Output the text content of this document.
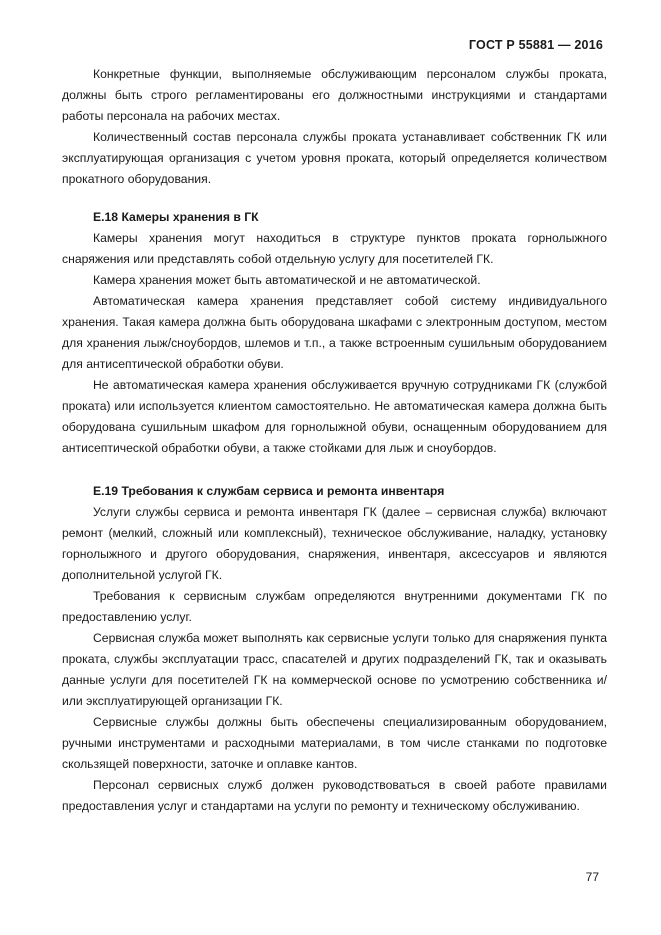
ГОСТ Р 55881 — 2016

Конкретные функции, выполняемые обслуживающим персоналом службы проката, должны быть строго регламентированы его должностными инструкциями и стандартами работы персонала на рабочих местах.

Количественный состав персонала службы проката устанавливает собственник ГК или эксплуатирующая организация с учетом уровня проката, который определяется количеством прокатного оборудования.

Е.18 Камеры хранения в ГК

Камеры хранения могут находиться в структуре пунктов проката горнолыжного снаряжения или представлять собой отдельную услугу для посетителей ГК.

Камера хранения может быть автоматической и не автоматической.

Автоматическая камера хранения представляет собой систему индивидуального хранения. Такая камера должна быть оборудована шкафами с электронным доступом, местом для хранения лыж/сноубордов, шлемов и т.п., а также встроенным сушильным оборудованием для антисептической обработки обуви.

Не автоматическая камера хранения обслуживается вручную сотрудниками ГК (службой проката) или используется клиентом самостоятельно. Не автоматическая камера должна быть оборудована сушильным шкафом для горнолыжной обуви, оснащенным оборудованием для антисептической обработки обуви, а также стойками для лыж и сноубордов.

Е.19 Требования к службам сервиса и ремонта инвентаря

Услуги службы сервиса и ремонта инвентаря ГК (далее – сервисная служба) включают ремонт (мелкий, сложный или комплексный), техническое обслуживание, наладку, установку горнолыжного и другого оборудования, снаряжения, инвентаря, аксессуаров и являются дополнительной услугой ГК.

Требования к сервисным службам определяются внутренними документами ГК по предоставлению услуг.

Сервисная служба может выполнять как сервисные услуги только для снаряжения пункта проката, службы эксплуатации трасс, спасателей и других подразделений ГК, так и оказывать данные услуги для посетителей ГК на коммерческой основе по усмотрению собственника и/или эксплуатирующей организации ГК.

Сервисные службы должны быть обеспечены специализированным оборудованием, ручными инструментами и расходными материалами, в том числе станками по подготовке скользящей поверхности, заточке и оплавке кантов.

Персонал сервисных служб должен руководствоваться в своей работе правилами предоставления услуг и стандартами на услуги по ремонту и техническому обслуживанию.

77
